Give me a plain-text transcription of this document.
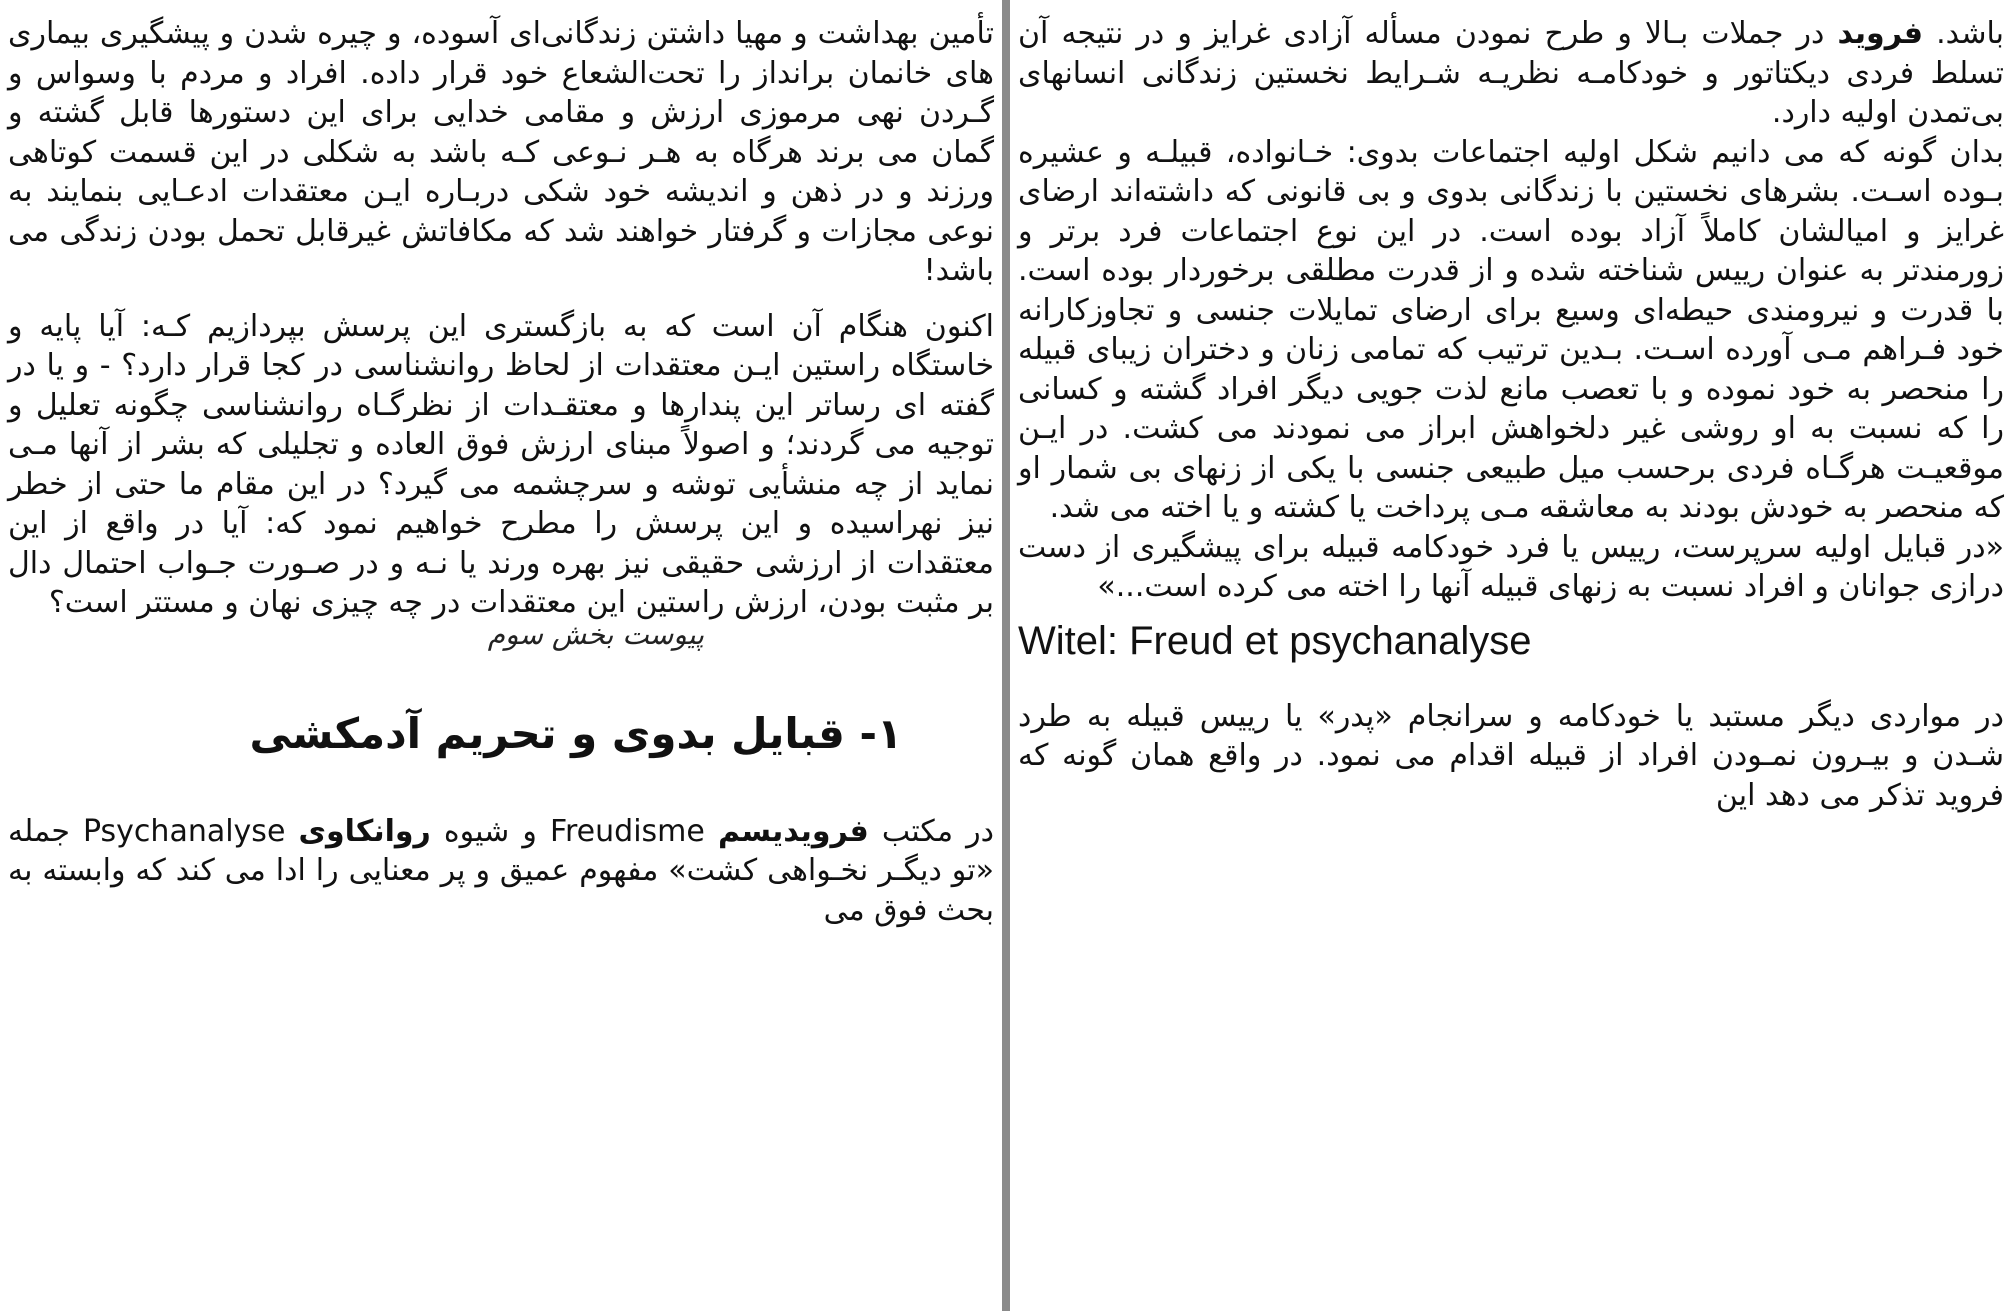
تأمین بهداشت و مهیا داشتن زندگانی‌ای آسوده، و چیره شدن و پیشگیری بیماری های خانمان برانداز را تحت‌الشعاع خود قرار داده. افراد و مردم با وسواس و گـردن نهی مرموزی ارزش و مقامی خدایی برای این دستورها قابل گشته و گمان می برند هرگاه به هـر نـوعی کـه باشد به شکلی در این قسمت کوتاهی ورزند و در ذهن و اندیشه خود شکی دربـاره ایـن معتقدات ادعـایی بنمایند به نوعی مجازات و گرفتار خواهند شد که مکافاتش غیرقابل تحمل بودن زندگی می باشد!

اکنون هنگام آن است که به بازگستری این پرسش بپردازیم کـه: آیا پایه و خاستگاه راستین ایـن معتقدات از لحاظ روانشناسی در کجا قرار دارد؟ - و یا در گفته ای رساتر این پندارها و معتقـدات از نظرگـاه روانشناسی چگونه تعلیل و توجیه می گردند؛ و اصولاً مبنای ارزش فوق العاده و تجلیلی که بشر از آنها مـی نماید از چه منشأیی توشه و سرچشمه می گیرد؟ در این مقام ما حتی از خطر نیز نهراسیده و این پرسش را مطرح خواهیم نمود که: آیا در واقع از این معتقدات از ارزشی حقیقی نیز بهره ورند یا نـه و در صـورت جـواب احتمال دال بر مثبت بودن، ارزش راستین این معتقدات در چه چیزی نهان و مستتر است؟

پیوست بخش سوم
۱- قبایل بدوی و تحریم آدمکشی

در مکتب فرویدیسم Freudisme و شیوه روانکاوی Psychanalyse جمله «تو دیگـر نخـواهی کشت» مفهوم عمیق و پر معنایی را ادا می کند که وابسته به بحث فوق می

باشد. فروید در جملات بـالا و طرح نمودن مسأله آزادی غرایز و در نتیجه آن تسلط فردی دیکتاتور و خودکامـه نظریـه شـرایط نخستین زندگانی انسانهای بی‌تمدن اولیه دارد.

بدان گونه که می دانیم شکل اولیه اجتماعات بدوی: خـانواده، قبیلـه و عشیره بـوده اسـت. بشرهای نخستین با زندگانی بدوی و بی قانونی که داشته‌اند ارضای غرایز و امیالشان کاملاً آزاد بوده است. در این نوع اجتماعات فرد برتر و زورمندتر به عنوان رییس شناخته شده و از قدرت مطلقی برخوردار بوده است. با قدرت و نیرومندی حیطه‌ای وسیع برای ارضای تمایلات جنسی و تجاوزکارانه خود فـراهم مـی آورده اسـت. بـدین ترتیب که تمامی زنان و دختران زیبای قبیله را منحصر به خود نموده و با تعصب مانع لذت جویی دیگر افراد گشته و کسانی را که نسبت به او روشی غیر دلخواهش ابراز می نمودند می کشت. در ایـن موقعیـت هرگـاه فردی برحسب میل طبیعی جنسی با یکی از زنهای بی شمار او که منحصر به خودش بودند به معاشقه مـی پرداخت یا کشته و یا اخته می شد.

«در قبایل اولیه سرپرست، رییس یا فرد خودکامه قبیله برای پیشگیری از دست درازی جوانان و افراد نسبت به زنهای قبیله آنها را اخته می کرده است...»

Witel: Freud et psychanalyse

در مواردی دیگر مستبد یا خودکامه و سرانجام «پدر» یا رییس قبیله به طرد شـدن و بیـرون نمـودن افراد از قبیله اقدام می نمود. در واقع همان گونه که فروید تذکر می دهد این
